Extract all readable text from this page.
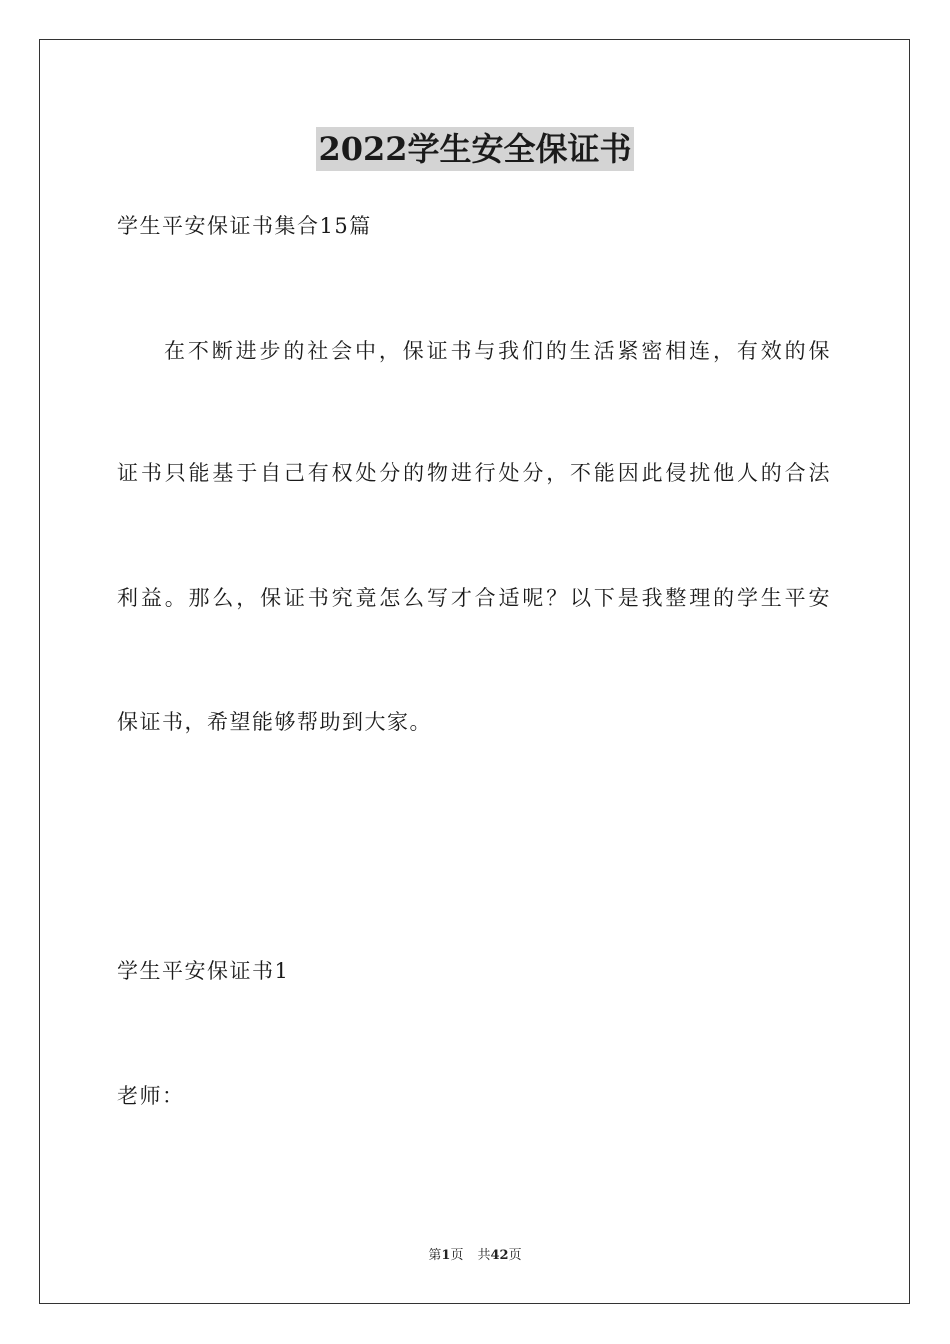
2022学生安全保证书
学生平安保证书集合15篇
在不断进步的社会中，保证书与我们的生活紧密相连，有效的保
证书只能基于自己有权处分的物进行处分，不能因此侵扰他人的合法
利益。那么，保证书究竟怎么写才合适呢？以下是我整理的学生平安
保证书，希望能够帮助到大家。
学生平安保证书1
老师：
第1页 共42页
